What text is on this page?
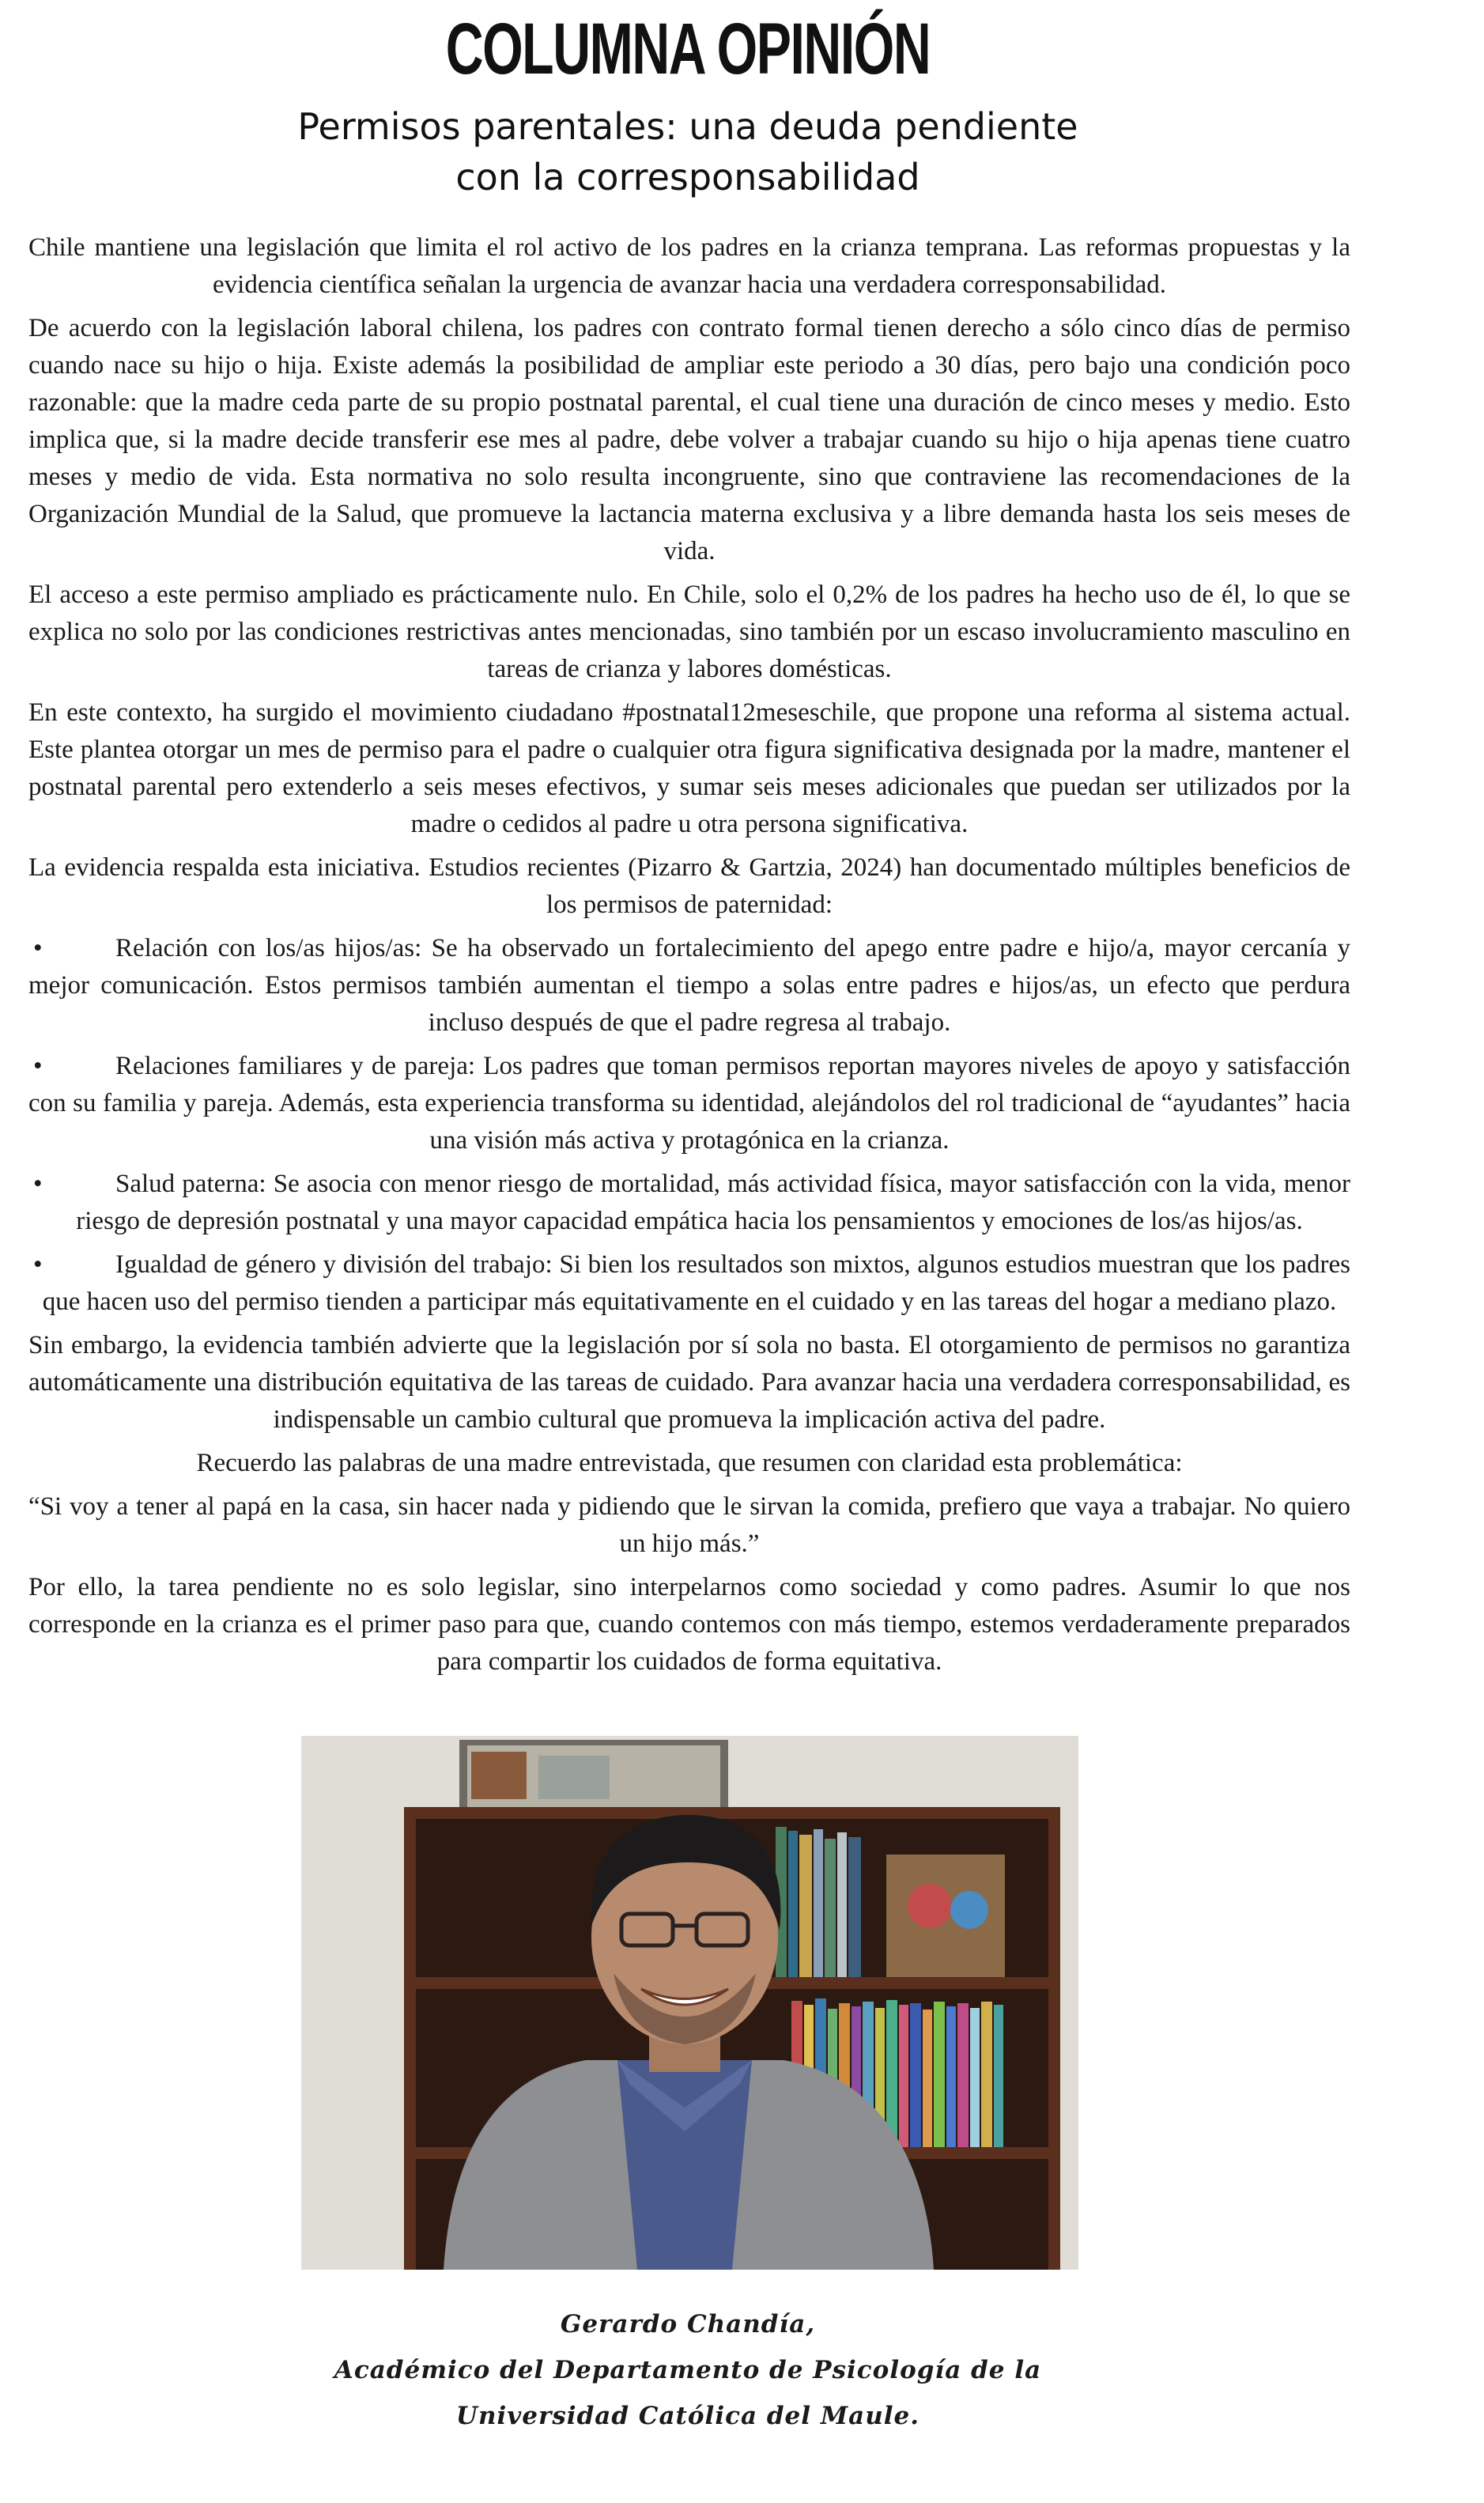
COLUMNA OPINIÓN
Permisos parentales: una deuda pendiente
con la corresponsabilidad

Chile mantiene una legislación que limita el rol activo de los padres en la crianza temprana. Las reformas propuestas y la evidencia científica señalan la urgencia de avanzar hacia una verdadera corresponsabilidad.

De acuerdo con la legislación laboral chilena, los padres con contrato formal tienen derecho a sólo cinco días de permiso cuando nace su hijo o hija. Existe además la posibilidad de ampliar este periodo a 30 días, pero bajo una condición poco razonable: que la madre ceda parte de su propio postnatal parental, el cual tiene una duración de cinco meses y medio. Esto implica que, si la madre decide transferir ese mes al padre, debe volver a trabajar cuando su hijo o hija apenas tiene cuatro meses y medio de vida. Esta normativa no solo resulta incongruente, sino que contraviene las recomendaciones de la Organización Mundial de la Salud, que promueve la lactancia materna exclusiva y a libre demanda hasta los seis meses de vida.

El acceso a este permiso ampliado es prácticamente nulo. En Chile, solo el 0,2% de los padres ha hecho uso de él, lo que se explica no solo por las condiciones restrictivas antes mencionadas, sino también por un escaso involucramiento masculino en tareas de crianza y labores domésticas.

En este contexto, ha surgido el movimiento ciudadano #postnatal12meseschile, que propone una reforma al sistema actual. Este plantea otorgar un mes de permiso para el padre o cualquier otra figura significativa designada por la madre, mantener el postnatal parental pero extenderlo a seis meses efectivos, y sumar seis meses adicionales que puedan ser utilizados por la madre o cedidos al padre u otra persona significativa.

La evidencia respalda esta iniciativa. Estudios recientes (Pizarro & Gartzia, 2024) han documentado múltiples beneficios de los permisos de paternidad:

•	Relación con los/as hijos/as: Se ha observado un fortalecimiento del apego entre padre e hijo/a, mayor cercanía y mejor comunicación. Estos permisos también aumentan el tiempo a solas entre padres e hijos/as, un efecto que perdura incluso después de que el padre regresa al trabajo.

•	Relaciones familiares y de pareja: Los padres que toman permisos reportan mayores niveles de apoyo y satisfacción con su familia y pareja. Además, esta experiencia transforma su identidad, alejándolos del rol tradicional de “ayudantes” hacia una visión más activa y protagónica en la crianza.

•	Salud paterna: Se asocia con menor riesgo de mortalidad, más actividad física, mayor satisfacción con la vida, menor riesgo de depresión postnatal y una mayor capacidad empática hacia los pensamientos y emociones de los/as hijos/as.

•	Igualdad de género y división del trabajo: Si bien los resultados son mixtos, algunos estudios muestran que los padres que hacen uso del permiso tienden a participar más equitativamente en el cuidado y en las tareas del hogar a mediano plazo.

Sin embargo, la evidencia también advierte que la legislación por sí sola no basta. El otorgamiento de permisos no garantiza automáticamente una distribución equitativa de las tareas de cuidado. Para avanzar hacia una verdadera corresponsabilidad, es indispensable un cambio cultural que promueva la implicación activa del padre.

Recuerdo las palabras de una madre entrevistada, que resumen con claridad esta problemática:

“Si voy a tener al papá en la casa, sin hacer nada y pidiendo que le sirvan la comida, prefiero que vaya a trabajar. No quiero un hijo más.”

Por ello, la tarea pendiente no es solo legislar, sino interpelarnos como sociedad y como padres. Asumir lo que nos corresponde en la crianza es el primer paso para que, cuando contemos con más tiempo, estemos verdaderamente preparados para compartir los cuidados de forma equitativa.

Gerardo Chandía,
Académico del Departamento de Psicología de la
Universidad Católica del Maule.
